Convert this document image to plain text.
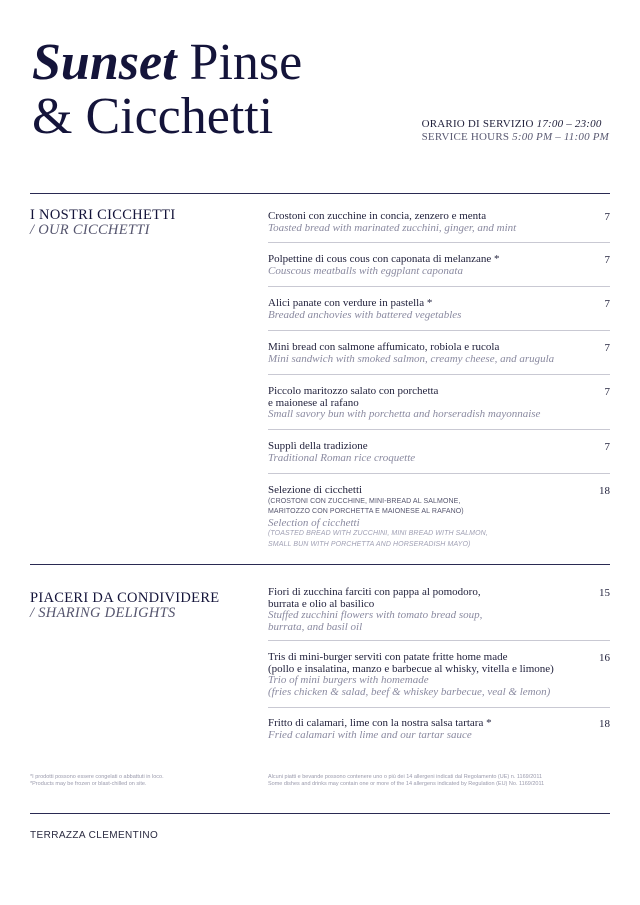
Sunset Pinse
& Cicchetti	ORARIO DI SERVIZIO 17:00 – 23:00
SERVICE HOURS 5:00 PM – 11:00 PM
I NOSTRI CICCHETTI
/ OUR CICCHETTI
Crostoni con zucchine in concia, zenzero e menta
Toasted bread with marinated zucchini, ginger, and mint
7
Polpettine di cous cous con caponata di melanzane *
Couscous meatballs with eggplant caponata
7
Alici panate con verdure in pastella *
Breaded anchovies with battered vegetables
7
Mini bread con salmone affumicato, robiola e rucola
Mini sandwich with smoked salmon, creamy cheese, and arugula
7
Piccolo maritozzo salato con porchetta
e maionese al rafano
Small savory bun with porchetta and horseradish mayonnaise
7
Supplì della tradizione
Traditional Roman rice croquette
7
Selezione di cicchetti
(CROSTONI CON ZUCCHINE, MINI-BREAD AL SALMONE,
MARITOZZO CON PORCHETTA E MAIONESE AL RAFANO)
Selection of cicchetti
(TOASTED BREAD WITH ZUCCHINI, MINI BREAD WITH SALMON,
SMALL BUN WITH PORCHETTA AND HORSERADISH MAYO)
18
PIACERI DA CONDIVIDERE
/ SHARING DELIGHTS
Fiori di zucchina farciti con pappa al pomodoro,
burrata e olio al basilico
Stuffed zucchini flowers with tomato bread soup,
burrata, and basil oil
15
Tris di mini-burger serviti con patate fritte home made
(pollo e insalatina, manzo e barbecue al whisky, vitella e limone)
Trio of mini burgers with homemade
(fries chicken & salad, beef & whiskey barbecue, veal & lemon)
16
Fritto di calamari, lime con la nostra salsa tartara *
Fried calamari with lime and our tartar sauce
18
*I prodotti possono essere congelati o abbattuti in loco.
*Products may be frozen or blast-chilled on site.
Alcuni piatti e bevande possono contenere uno o più dei 14 allergeni indicati dal Regolamento (UE) n. 1169/2011
Some dishes and drinks may contain one or more of the 14 allergens indicated by Regulation (EU) No. 1169/2011
TERRAZZA CLEMENTINO
